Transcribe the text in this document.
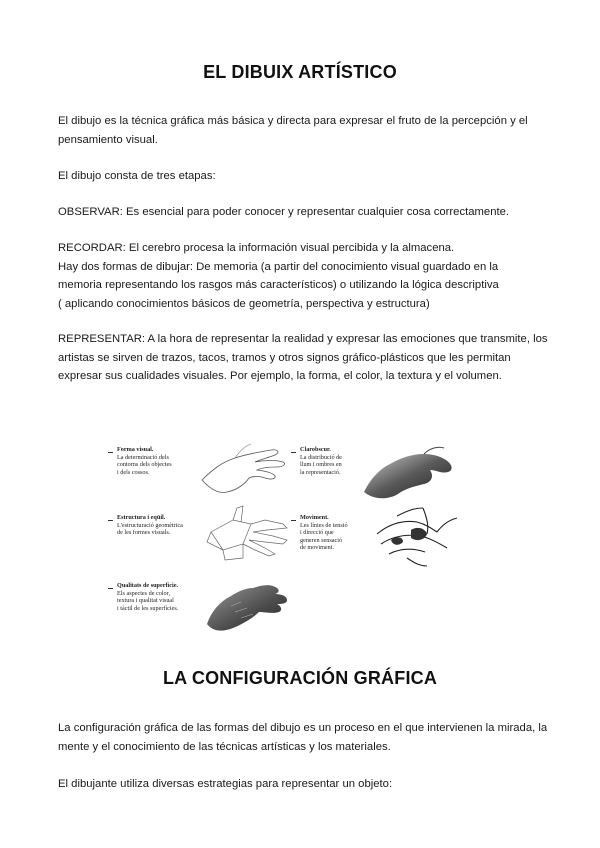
EL DIBUIX ARTÍSTICO

El dibujo es la técnica gráfica más básica y directa para expresar el fruto de la percepción y el
pensamiento visual.

El dibujo consta de tres etapas:

OBSERVAR: Es esencial para poder conocer y representar cualquier cosa correctamente.

RECORDAR: El cerebro procesa la información visual percibida y la almacena.
Hay dos formas de dibujar: De memoria (a partir del conocimiento visual guardado en la
memoria representando los rasgos más característicos) o utilizando la lógica descriptiva
( aplicando conocimientos básicos de geometría, perspectiva y estructura)

REPRESENTAR: A la hora de representar la realidad y expresar las emociones que transmite, los
artistas se sirven de trazos, tacos, tramos y otros signos gráfico-plásticos que les permitan
expresar sus cualidades visuales. Por ejemplo, la forma, el color, la textura y el volumen.

Forma visual.
La determinació dels
contorns dels objectes
i dels cossos.
Clarobscur.
La distribució de
llum i ombres en
la representació.
Estructura i eqüil.
L'estructuració geomètrica
de les formes visuals.
Moviment.
Les línies de tensió
i direcció que
generen sensació
de moviment.
Qualitats de superfície.
Els aspectes de color,
textura i qualitat visual
i tàctil de les superfícies.
LA CONFIGURACIÓN GRÁFICA

La configuración gráfica de las formas del dibujo es un proceso en el que intervienen la mirada, la
mente y el conocimiento de las técnicas artísticas y los materiales.

El dibujante utiliza diversas estrategias para representar un objeto:
